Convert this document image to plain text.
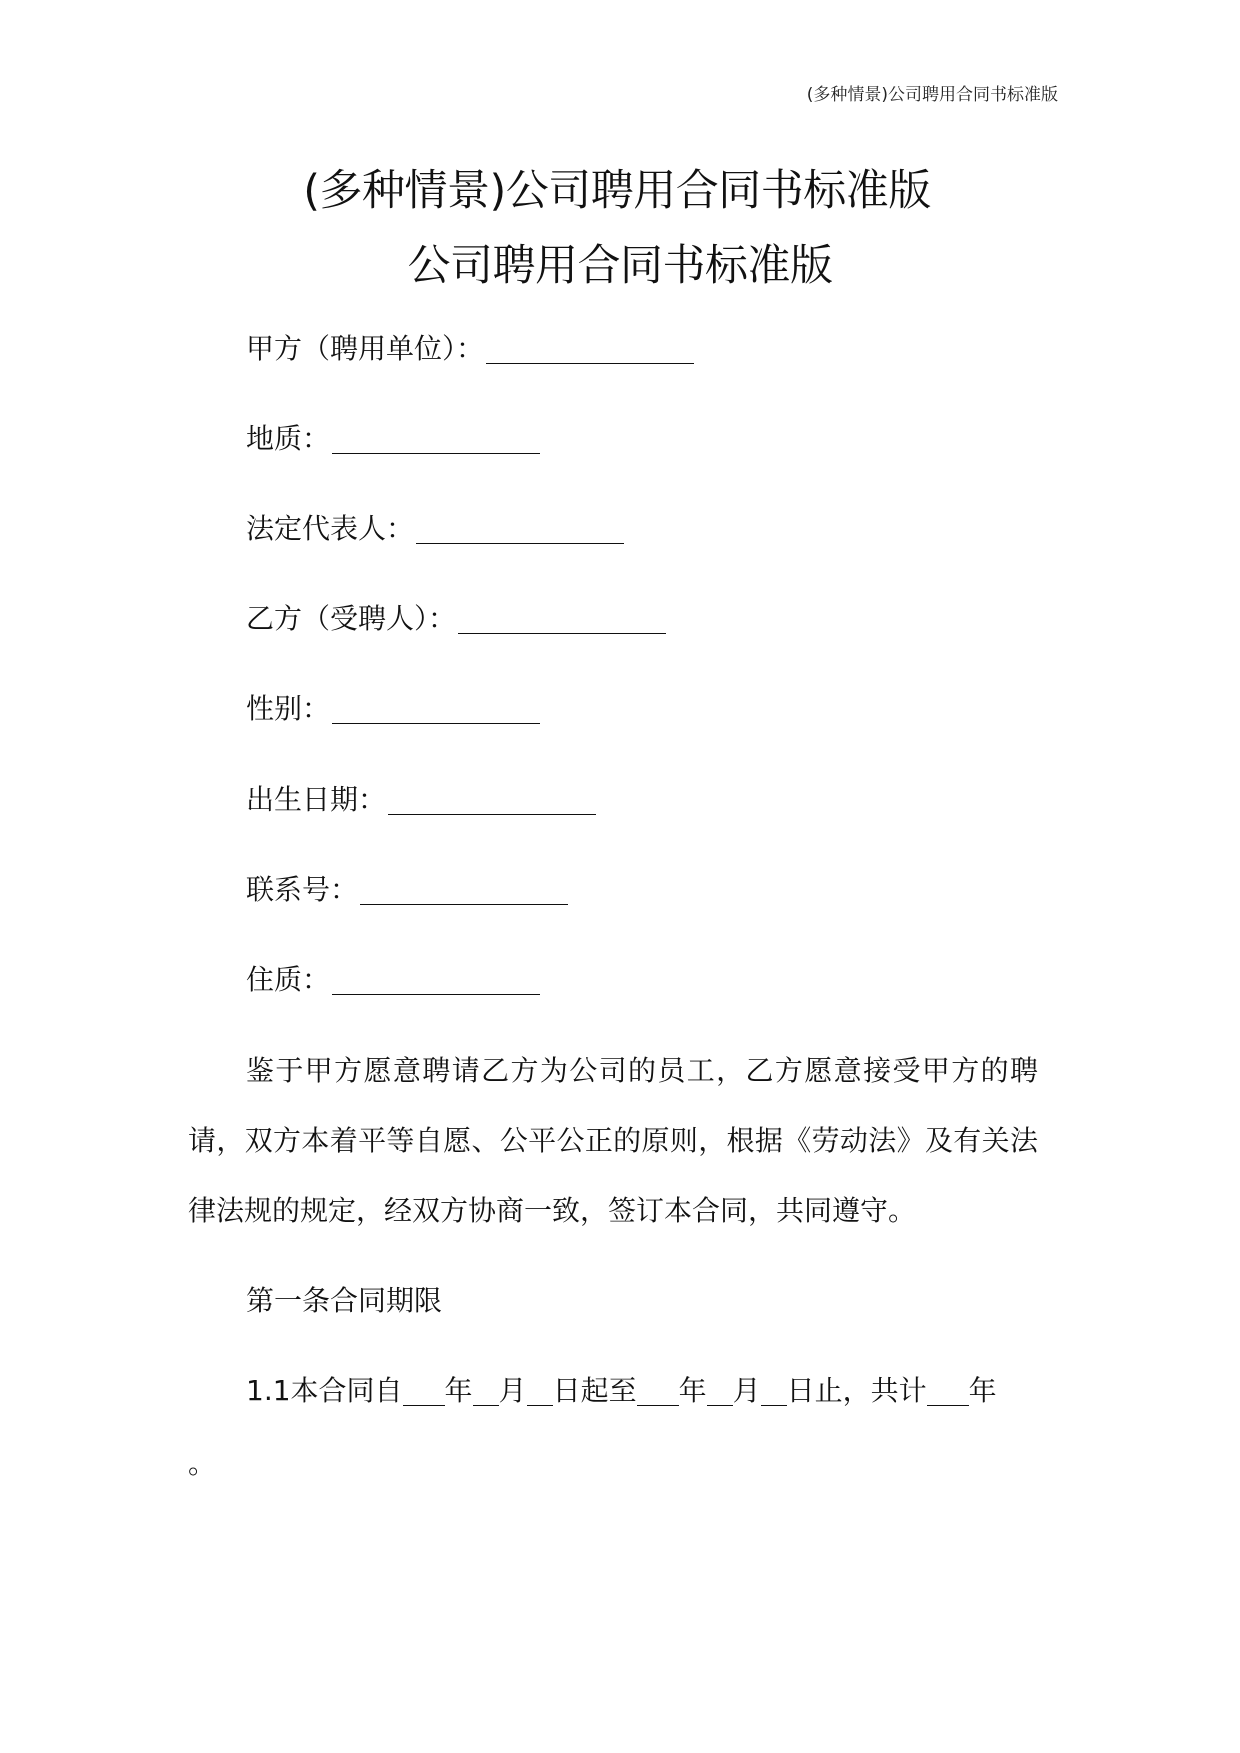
(多种情景)公司聘用合同书标准版
(多种情景)公司聘用合同书标准版
公司聘用合同书标准版
甲方（聘用单位）：
地质：
法定代表人：
乙方（受聘人）：
性别：
出生日期：
联系号：
住质：
鉴于甲方愿意聘请乙方为公司的员工，乙方愿意接受甲方的聘请，双方本着平等自愿、公平公正的原则，根据《劳动法》及有关法律法规的规定，经双方协商一致，签订本合同，共同遵守。
第一条合同期限
1.1本合同自 年 月 日起至 年 月 日止，共计 年
。
